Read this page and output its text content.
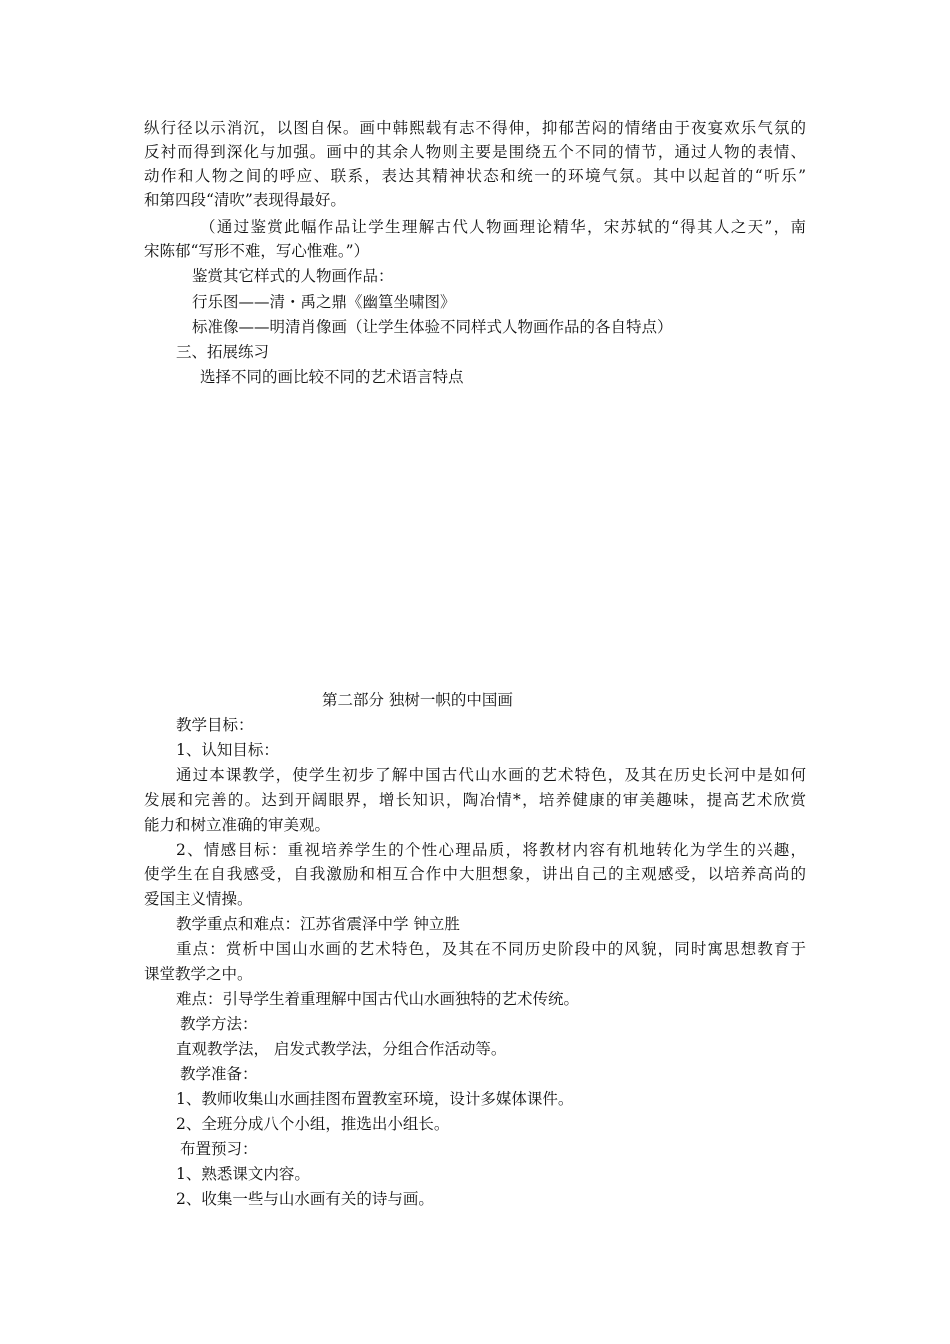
纵行径以示消沉，以图自保。画中韩熙载有志不得伸，抑郁苦闷的情绪由于夜宴欢乐气氛的
反衬而得到深化与加强。画中的其余人物则主要是围绕五个不同的情节，通过人物的表情、
动作和人物之间的呼应、联系，表达其精神状态和统一的环境气氛。其中以起首的“听乐”
和第四段“清吹”表现得最好。
（通过鉴赏此幅作品让学生理解古代人物画理论精华，宋苏轼的“得其人之天”，南
宋陈郁“写形不难，写心惟难。”）
鉴赏其它样式的人物画作品：
行乐图——清・禹之鼎《幽篁坐啸图》
标准像——明清肖像画（让学生体验不同样式人物画作品的各自特点）
三、拓展练习
选择不同的画比较不同的艺术语言特点
第二部分 独树一帜的中国画
教学目标：
1、认知目标：
通过本课教学，使学生初步了解中国古代山水画的艺术特色，及其在历史长河中是如何
发展和完善的。达到开阔眼界，增长知识，陶冶情*，培养健康的审美趣味，提高艺术欣赏
能力和树立准确的审美观。
2、情感目标：重视培养学生的个性心理品质，将教材内容有机地转化为学生的兴趣，
使学生在自我感受，自我激励和相互合作中大胆想象，讲出自己的主观感受，以培养高尚的
爱国主义情操。
教学重点和难点：江苏省震泽中学 钟立胜
重点：赏析中国山水画的艺术特色，及其在不同历史阶段中的风貌，同时寓思想教育于
课堂教学之中。
难点：引导学生着重理解中国古代山水画独特的艺术传统。
教学方法：
直观教学法， 启发式教学法，分组合作活动等。
教学准备：
1、教师收集山水画挂图布置教室环境，设计多媒体课件。
2、全班分成八个小组，推选出小组长。
布置预习：
1、熟悉课文内容。
2、收集一些与山水画有关的诗与画。
